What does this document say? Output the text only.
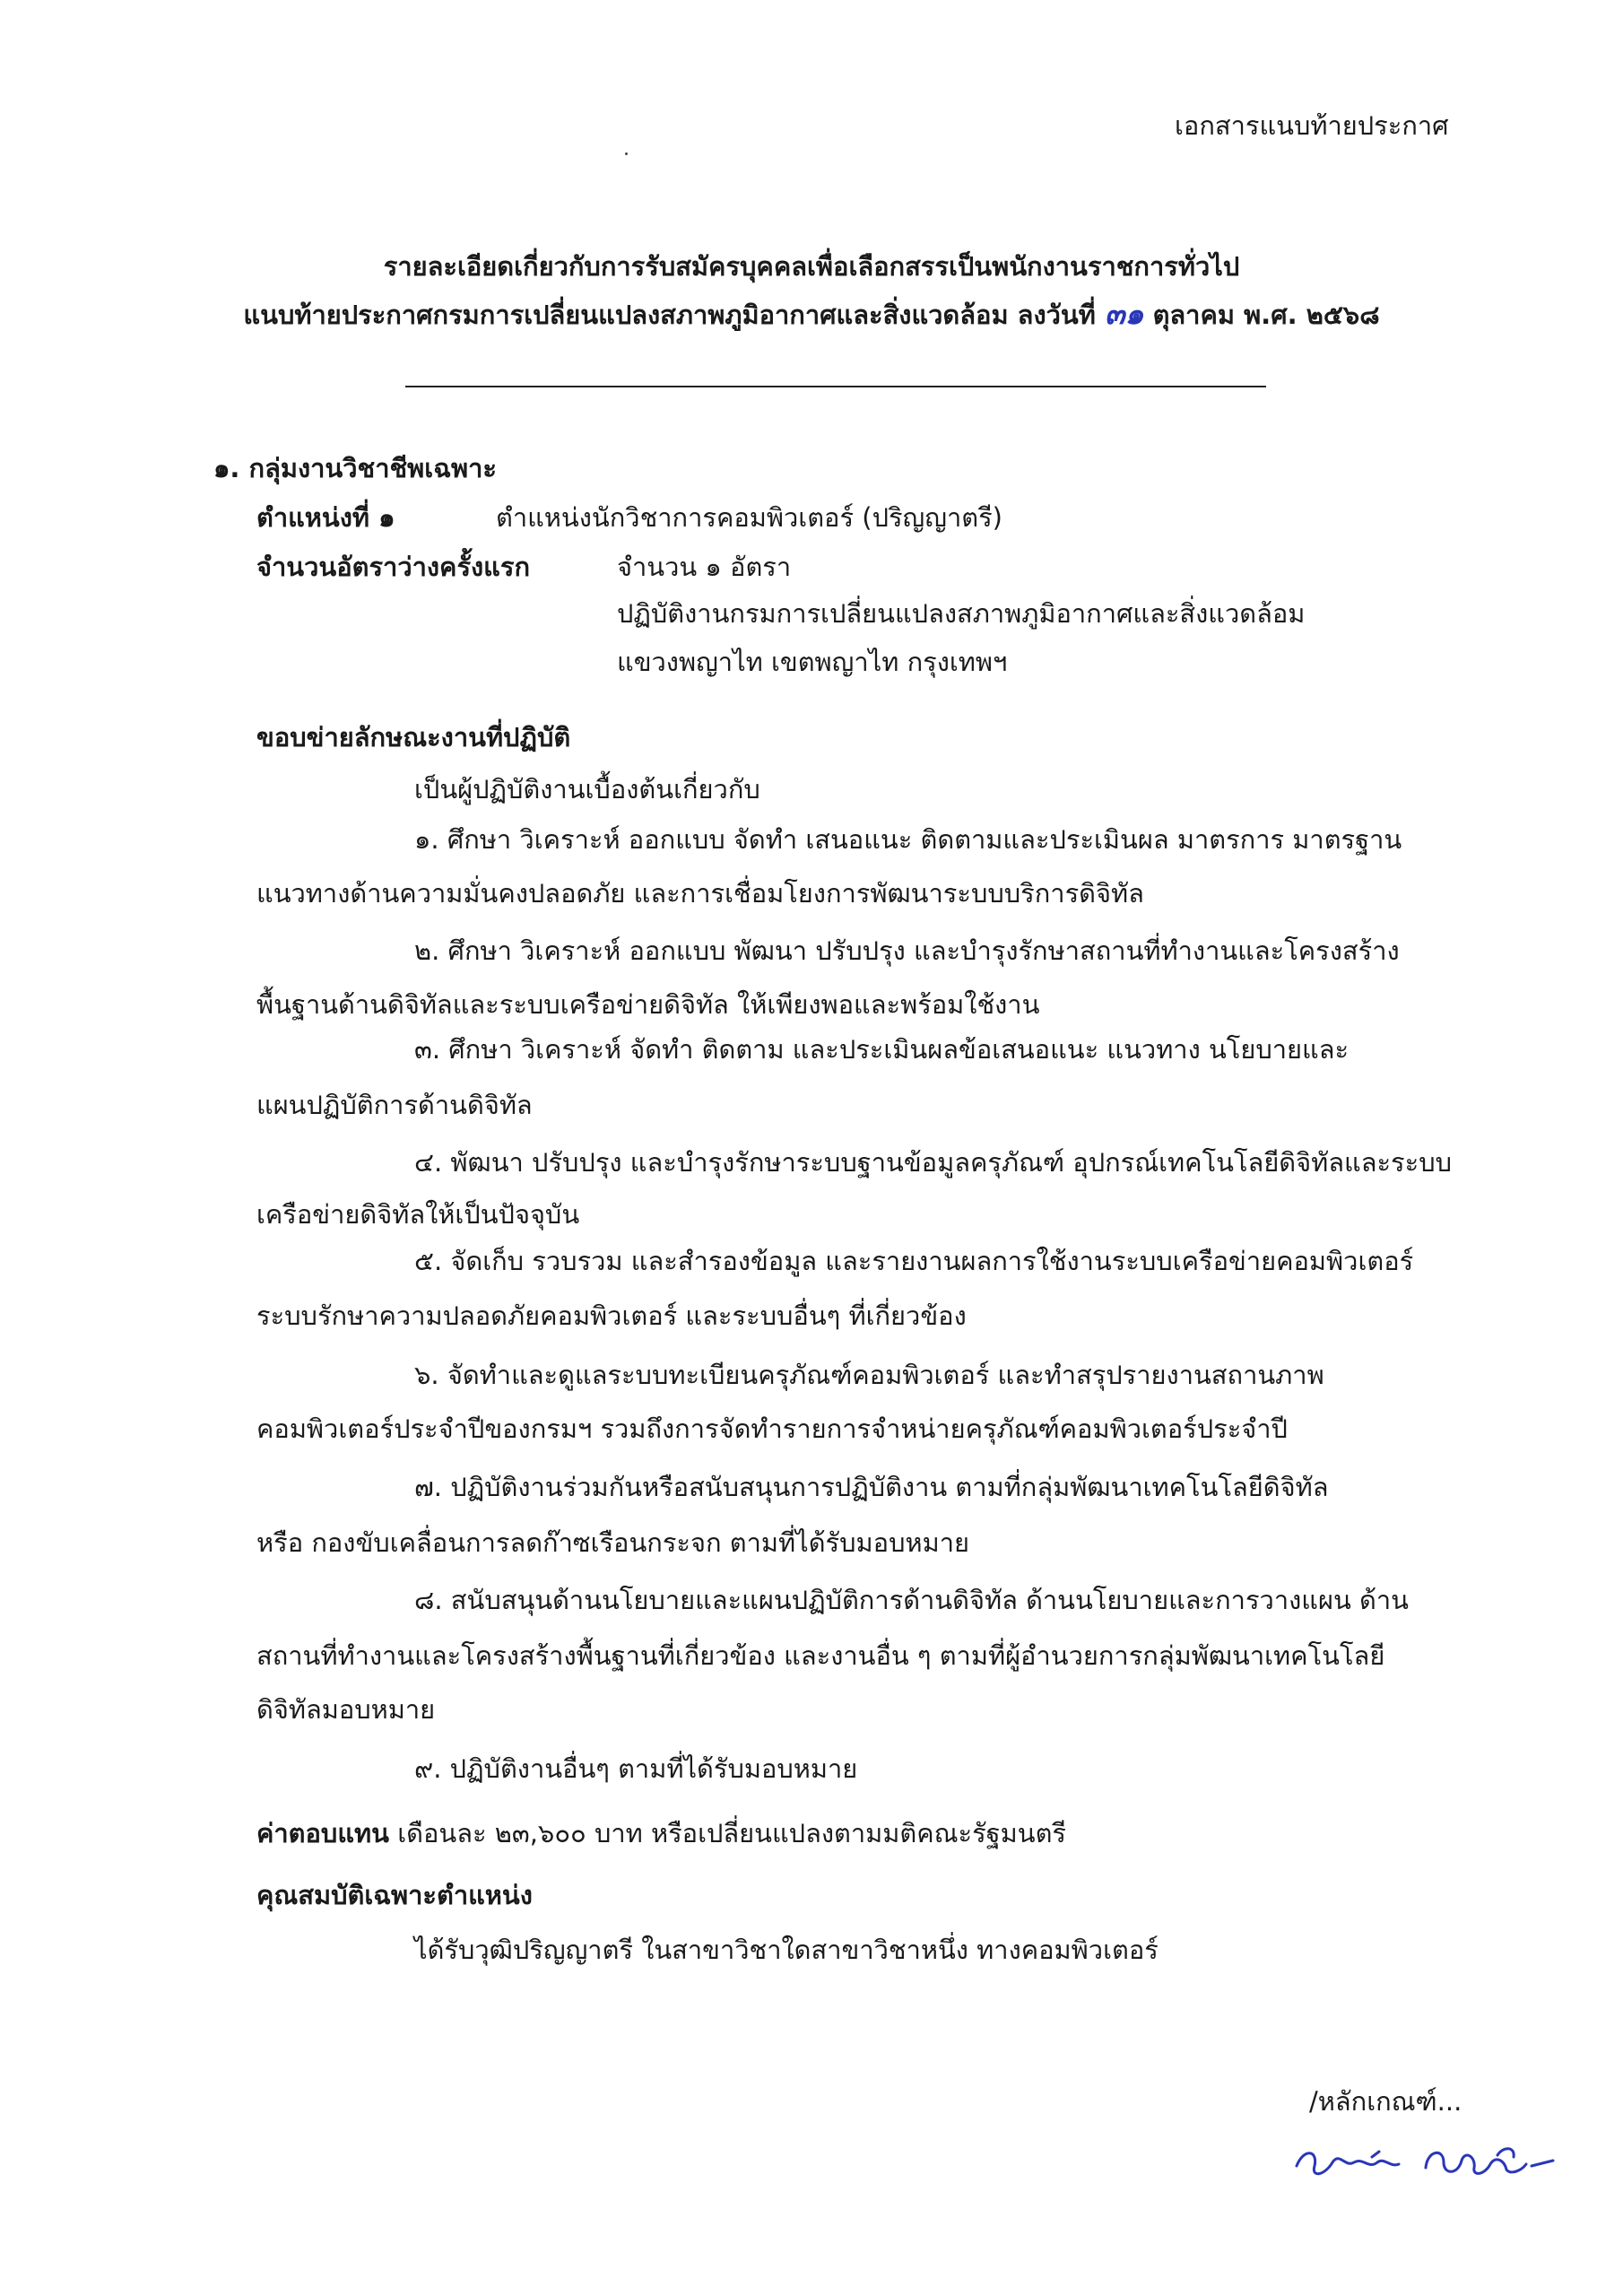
เอกสารแนบท้ายประกาศ
รายละเอียดเกี่ยวกับการรับสมัครบุคคลเพื่อเลือกสรรเป็นพนักงานราชการทั่วไป
แนบท้ายประกาศกรมการเปลี่ยนแปลงสภาพภูมิอากาศและสิ่งแวดล้อม ลงวันที่ ๓๑ ตุลาคม พ.ศ. ๒๕๖๘
๑. กลุ่มงานวิชาชีพเฉพาะ
ตำแหน่งที่ ๑	ตำแหน่งนักวิชาการคอมพิวเตอร์ (ปริญญาตรี)
จำนวนอัตราว่างครั้งแรก	จำนวน ๑ อัตรา
ปฏิบัติงานกรมการเปลี่ยนแปลงสภาพภูมิอากาศและสิ่งแวดล้อม
แขวงพญาไท เขตพญาไท กรุงเทพฯ
ขอบข่ายลักษณะงานที่ปฏิบัติ
เป็นผู้ปฏิบัติงานเบื้องต้นเกี่ยวกับ
๑. ศึกษา วิเคราะห์ ออกแบบ จัดทำ เสนอแนะ ติดตามและประเมินผล มาตรการ มาตรฐาน
แนวทางด้านความมั่นคงปลอดภัย และการเชื่อมโยงการพัฒนาระบบบริการดิจิทัล
๒. ศึกษา วิเคราะห์ ออกแบบ พัฒนา ปรับปรุง และบำรุงรักษาสถานที่ทำงานและโครงสร้าง
พื้นฐานด้านดิจิทัลและระบบเครือข่ายดิจิทัล ให้เพียงพอและพร้อมใช้งาน
๓. ศึกษา วิเคราะห์ จัดทำ ติดตาม และประเมินผลข้อเสนอแนะ แนวทาง นโยบายและ
แผนปฏิบัติการด้านดิจิทัล
๔. พัฒนา ปรับปรุง และบำรุงรักษาระบบฐานข้อมูลครุภัณฑ์ อุปกรณ์เทคโนโลยีดิจิทัลและระบบ
เครือข่ายดิจิทัลให้เป็นปัจจุบัน
๕. จัดเก็บ รวบรวม และสำรองข้อมูล และรายงานผลการใช้งานระบบเครือข่ายคอมพิวเตอร์
ระบบรักษาความปลอดภัยคอมพิวเตอร์ และระบบอื่นๆ ที่เกี่ยวข้อง
๖. จัดทำและดูแลระบบทะเบียนครุภัณฑ์คอมพิวเตอร์ และทำสรุปรายงานสถานภาพ
คอมพิวเตอร์ประจำปีของกรมฯ รวมถึงการจัดทำรายการจำหน่ายครุภัณฑ์คอมพิวเตอร์ประจำปี
๗. ปฏิบัติงานร่วมกันหรือสนับสนุนการปฏิบัติงาน ตามที่กลุ่มพัฒนาเทคโนโลยีดิจิทัล
หรือ กองขับเคลื่อนการลดก๊าซเรือนกระจก ตามที่ได้รับมอบหมาย
๘. สนับสนุนด้านนโยบายและแผนปฏิบัติการด้านดิจิทัล ด้านนโยบายและการวางแผน ด้าน
สถานที่ทำงานและโครงสร้างพื้นฐานที่เกี่ยวข้อง และงานอื่น ๆ ตามที่ผู้อำนวยการกลุ่มพัฒนาเทคโนโลยี
ดิจิทัลมอบหมาย
๙. ปฏิบัติงานอื่นๆ ตามที่ได้รับมอบหมาย
ค่าตอบแทน เดือนละ ๒๓,๖๐๐ บาท หรือเปลี่ยนแปลงตามมติคณะรัฐมนตรี
คุณสมบัติเฉพาะตำแหน่ง
ได้รับวุฒิปริญญาตรี ในสาขาวิชาใดสาขาวิชาหนึ่ง ทางคอมพิวเตอร์
/หลักเกณฑ์...
